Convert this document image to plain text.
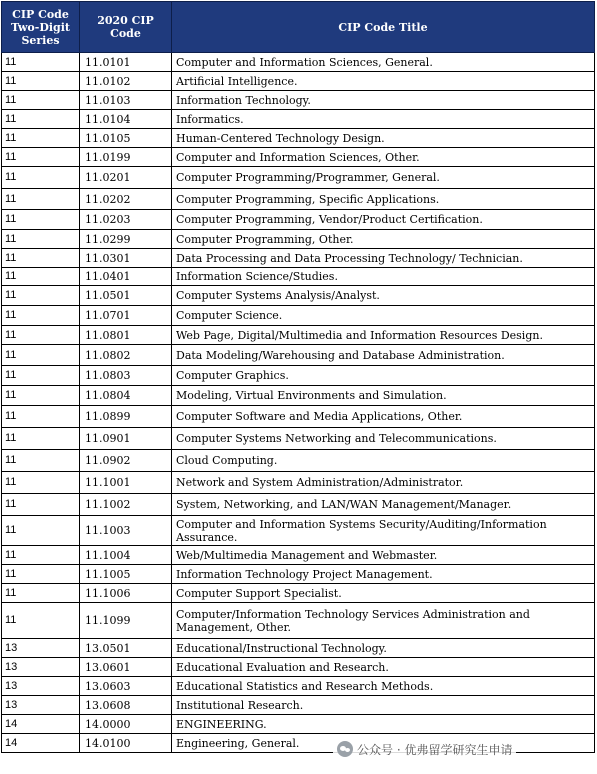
CIP Code Two-Digit Series	2020 CIP Code	CIP Code Title
11	11.0101	Computer and Information Sciences, General.
11	11.0102	Artificial Intelligence.
11	11.0103	Information Technology.
11	11.0104	Informatics.
11	11.0105	Human-Centered Technology Design.
11	11.0199	Computer and Information Sciences, Other.
11	11.0201	Computer Programming/Programmer, General.
11	11.0202	Computer Programming, Specific Applications.
11	11.0203	Computer Programming, Vendor/Product Certification.
11	11.0299	Computer Programming, Other.
11	11.0301	Data Processing and Data Processing Technology/ Technician.
11	11.0401	Information Science/Studies.
11	11.0501	Computer Systems Analysis/Analyst.
11	11.0701	Computer Science.
11	11.0801	Web Page, Digital/Multimedia and Information Resources Design.
11	11.0802	Data Modeling/Warehousing and Database Administration.
11	11.0803	Computer Graphics.
11	11.0804	Modeling, Virtual Environments and Simulation.
11	11.0899	Computer Software and Media Applications, Other.
11	11.0901	Computer Systems Networking and Telecommunications.
11	11.0902	Cloud Computing.
11	11.1001	Network and System Administration/Administrator.
11	11.1002	System, Networking, and LAN/WAN Management/Manager.
11	11.1003	Computer and Information Systems Security/Auditing/Information Assurance.
11	11.1004	Web/Multimedia Management and Webmaster.
11	11.1005	Information Technology Project Management.
11	11.1006	Computer Support Specialist.
11	11.1099	Computer/Information Technology Services Administration and Management, Other.
13	13.0501	Educational/Instructional Technology.
13	13.0601	Educational Evaluation and Research.
13	13.0603	Educational Statistics and Research Methods.
13	13.0608	Institutional Research.
14	14.0000	ENGINEERING.
14	14.0100	Engineering, General.	公众号 · 优弗留学研究生申请
